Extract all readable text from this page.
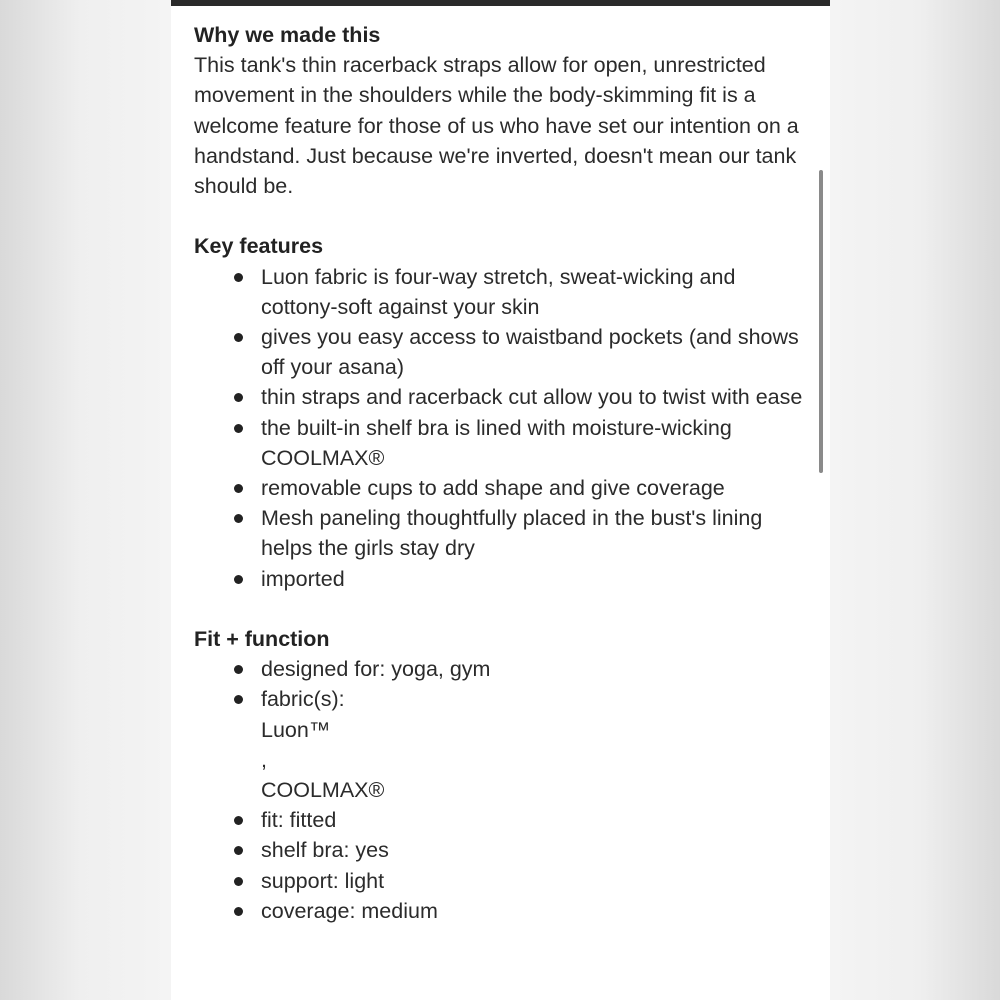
Why we made this

This tank's thin racerback straps allow for open, unrestricted movement in the shoulders while the body-skimming fit is a welcome feature for those of us who have set our intention on a handstand. Just because we're inverted, doesn't mean our tank should be.

Key features

Luon fabric is four-way stretch, sweat-wicking and cottony-soft against your skin
gives you easy access to waistband pockets (and shows off your asana)
thin straps and racerback cut allow you to twist with ease
the built-in shelf bra is lined with moisture-wicking COOLMAX®
removable cups to add shape and give coverage
Mesh paneling thoughtfully placed in the bust's lining helps the girls stay dry
imported

Fit + function

designed for: yoga, gym
fabric(s):
Luon™
,
COOLMAX®
fit: fitted
shelf bra: yes
support: light
coverage: medium
